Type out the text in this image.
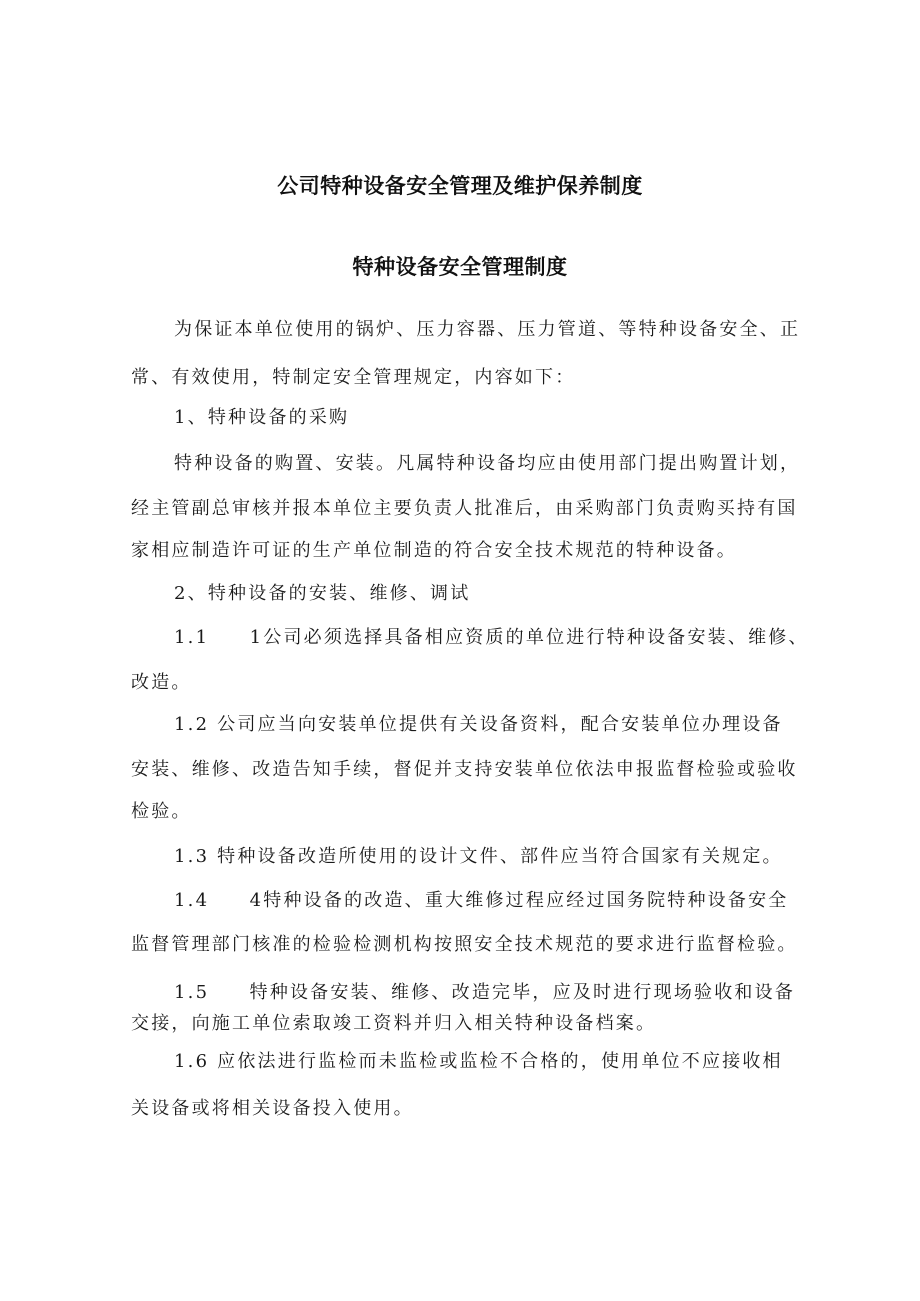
公司特种设备安全管理及维护保养制度
特种设备安全管理制度
为保证本单位使用的锅炉、压力容器、压力管道、等特种设备安全、正
常、有效使用，特制定安全管理规定，内容如下：
1、特种设备的采购
特种设备的购置、安装。凡属特种设备均应由使用部门提出购置计划，
经主管副总审核并报本单位主要负责人批准后，由采购部门负责购买持有国
家相应制造许可证的生产单位制造的符合安全技术规范的特种设备。
2、特种设备的安装、维修、调试
1.1　　1公司必须选择具备相应资质的单位进行特种设备安装、维修、
改造。
1.2 公司应当向安装单位提供有关设备资料，配合安装单位办理设备
安装、维修、改造告知手续，督促并支持安装单位依法申报监督检验或验收
检验。
1.3 特种设备改造所使用的设计文件、部件应当符合国家有关规定。
1.4　　4特种设备的改造、重大维修过程应经过国务院特种设备安全
监督管理部门核准的检验检测机构按照安全技术规范的要求进行监督检验。
1.5　　特种设备安装、维修、改造完毕，应及时进行现场验收和设备
交接，向施工单位索取竣工资料并归入相关特种设备档案。
1.6 应依法进行监检而未监检或监检不合格的，使用单位不应接收相
关设备或将相关设备投入使用。
